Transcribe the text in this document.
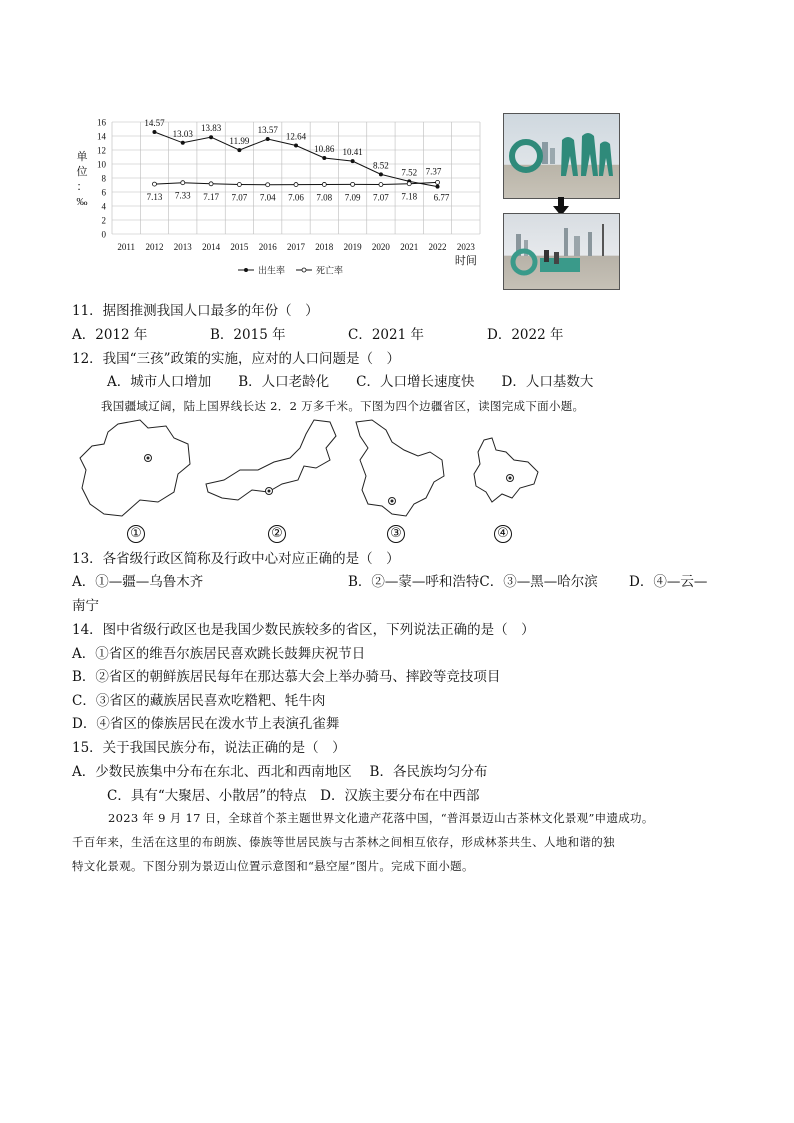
0
2
4
6
8
10
12
14
16
2011 2012 2013 2014 2015 2016 2017 2018 2019 2020 2021 2022 2023
单
位
：
‰
时间
14.57
13.03
13.83
11.99
13.57
12.64
10.86 10.41
8.52
7.52
6.77
7.13 7.33 7.17 7.07 7.04 7.06 7.08 7.09 7.07 7.18
7.37
出生率	死亡率
11．据图推测我国人口最多的年份（　）
A．2012 年	B．2015 年	C．2021 年	D．2022 年
12．我国“三孩”政策的实施，应对的人口问题是（　）
A．城市人口增加　　B．人口老龄化　　C．人口增长速度快　　D．人口基数大
我国疆域辽阔，陆上国界线长达 2．2 万多千米。下图为四个边疆省区，读图完成下面小题。
①	②	③	④
13．各省级行政区简称及行政中心对应正确的是（　）
A．①—疆—乌鲁木齐	B．②—蒙—呼和浩特C．③—黑—哈尔滨 D．④—云—
南宁
14．图中省级行政区也是我国少数民族较多的省区，下列说法正确的是（　）
A．①省区的维吾尔族居民喜欢跳长鼓舞庆祝节日
B．②省区的朝鲜族居民每年在那达慕大会上举办骑马、摔跤等竞技项目
C．③省区的藏族居民喜欢吃糌粑、牦牛肉
D．④省区的傣族居民在泼水节上表演孔雀舞
15．关于我国民族分布，说法正确的是（　）
A．少数民族集中分布在东北、西北和西南地区　 B．各民族均匀分布
C．具有“大聚居、小散居”的特点　D．汉族主要分布在中西部
2023 年 9 月 17 日，全球首个茶主题世界文化遗产花落中国，“普洱景迈山古茶林文化景观”申遗成功。
千百年来，生活在这里的布朗族、傣族等世居民族与古茶林之间相互依存，形成林茶共生、人地和谐的独
特文化景观。下图分别为景迈山位置示意图和“悬空屋”图片。完成下面小题。
